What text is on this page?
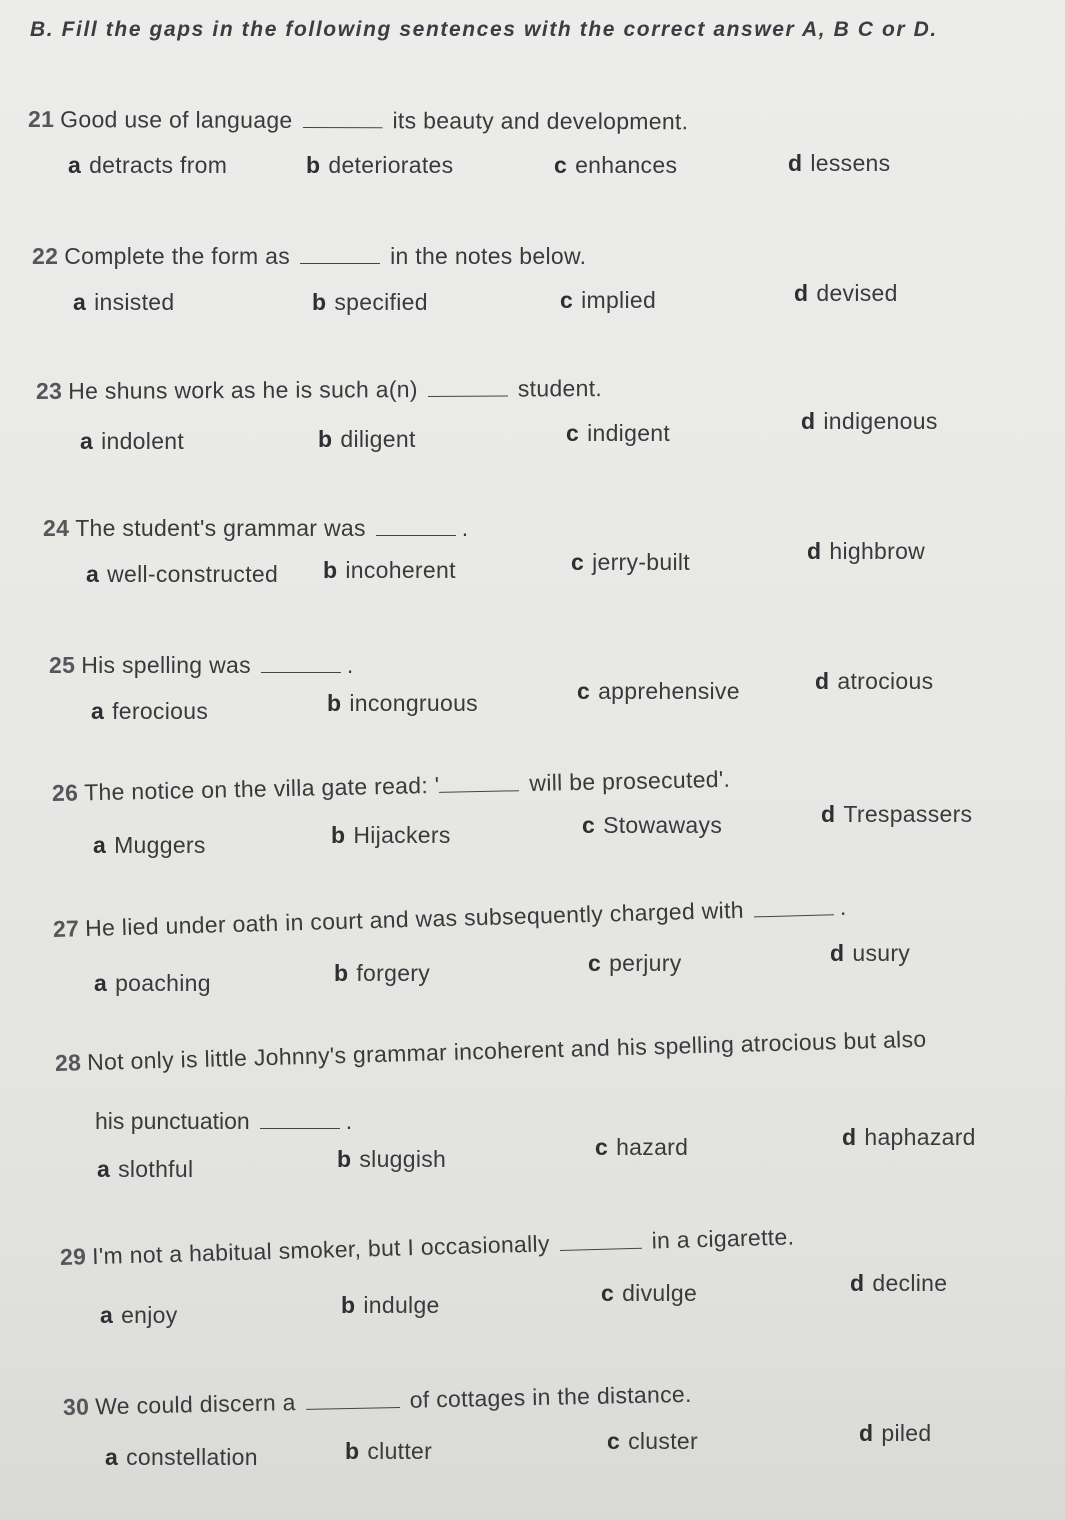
B. Fill the gaps in the following sentences with the correct answer A, B C or D.
21 Good use of language	its beauty and development.
a detracts from	b deteriorates	c enhances	d lessens
22 Complete the form as	in the notes below.
a insisted	b specified	c implied	d devised
23 He shuns work as he is such a(n)	student.
a indolent	b diligent	c indigent	d indigenous
24 The student's grammar was	.
a well-constructed b incoherent	c jerry-built	d highbrow
25 His spelling was	.
a ferocious	b incongruous	c apprehensive	d atrocious
26 The notice on the villa gate read: '	will be prosecuted'.
a Muggers	b Hijackers	c Stowaways	d Trespassers
27 He lied under oath in court and was subsequently charged with	.
a poaching	b forgery	c perjury	d usury
28 Not only is little Johnny's grammar incoherent and his spelling atrocious but also
his punctuation	.
a slothful	b sluggish	c hazard	d haphazard
29 I'm not a habitual smoker, but I occasionally	in a cigarette.
a enjoy	b indulge	c divulge	d decline
30 We could discern a	of cottages in the distance.
a constellation	b clutter	c cluster	d piled
